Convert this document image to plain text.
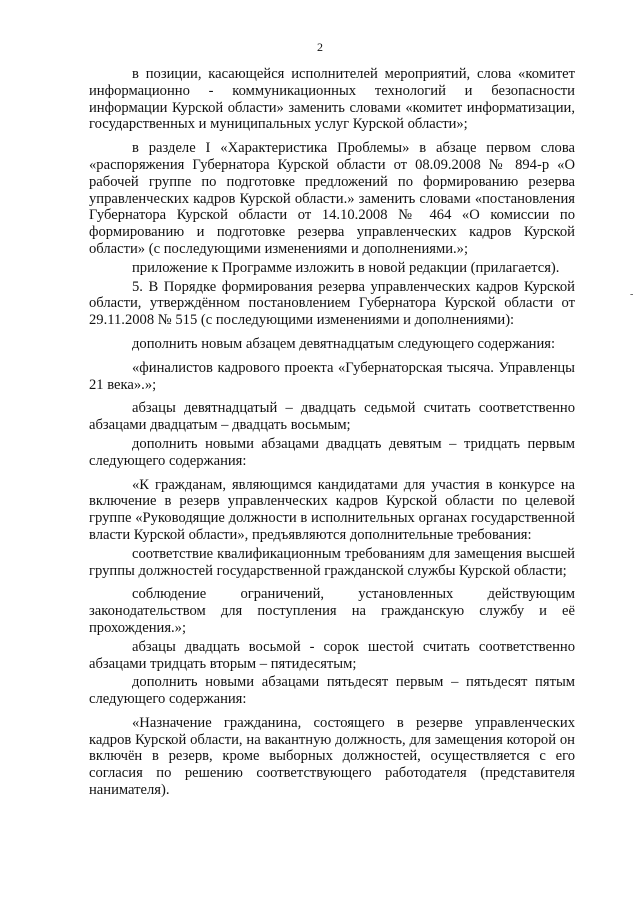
2

в позиции, касающейся исполнителей мероприятий, слова «комитет информационно - коммуникационных технологий и безопасности информации Курской области» заменить словами «комитет информатизации, государственных и муниципальных услуг Курской области»;

в разделе I «Характеристика Проблемы» в абзаце первом слова «распоряжения Губернатора Курской области от 08.09.2008 № 894-р «О рабочей группе по подготовке предложений по формированию резерва управленческих кадров Курской области.» заменить словами «постановления Губернатора Курской области от 14.10.2008 № 464 «О комиссии по формированию и подготовке резерва управленческих кадров Курской области» (с последующими изменениями и дополнениями.»;

приложение к Программе изложить в новой редакции (прилагается).

5. В Порядке формирования резерва управленческих кадров Курской области, утверждённом постановлением Губернатора Курской области от 29.11.2008 № 515 (с последующими изменениями и дополнениями):

дополнить новым абзацем девятнадцатым следующего содержания:

«финалистов кадрового проекта «Губернаторская тысяча. Управленцы 21 века».»;

абзацы девятнадцатый – двадцать седьмой считать соответственно абзацами двадцатым – двадцать восьмым;

дополнить новыми абзацами двадцать девятым – тридцать первым следующего содержания:

«К гражданам, являющимся кандидатами для участия в конкурсе на включение в резерв управленческих кадров Курской области по целевой группе «Руководящие должности в исполнительных органах государственной власти Курской области», предъявляются дополнительные требования:

соответствие квалификационным требованиям для замещения высшей группы должностей государственной гражданской службы Курской области;

соблюдение ограничений, установленных действующим законодательством для поступления на гражданскую службу и её прохождения.»;

абзацы двадцать восьмой - сорок шестой считать соответственно абзацами тридцать вторым – пятидесятым;

дополнить новыми абзацами пятьдесят первым – пятьдесят пятым следующего содержания:

«Назначение гражданина, состоящего в резерве управленческих кадров Курской области, на вакантную должность, для замещения которой он включён в резерв, кроме выборных должностей, осуществляется с его согласия по решению соответствующего работодателя (представителя нанимателя).

-
